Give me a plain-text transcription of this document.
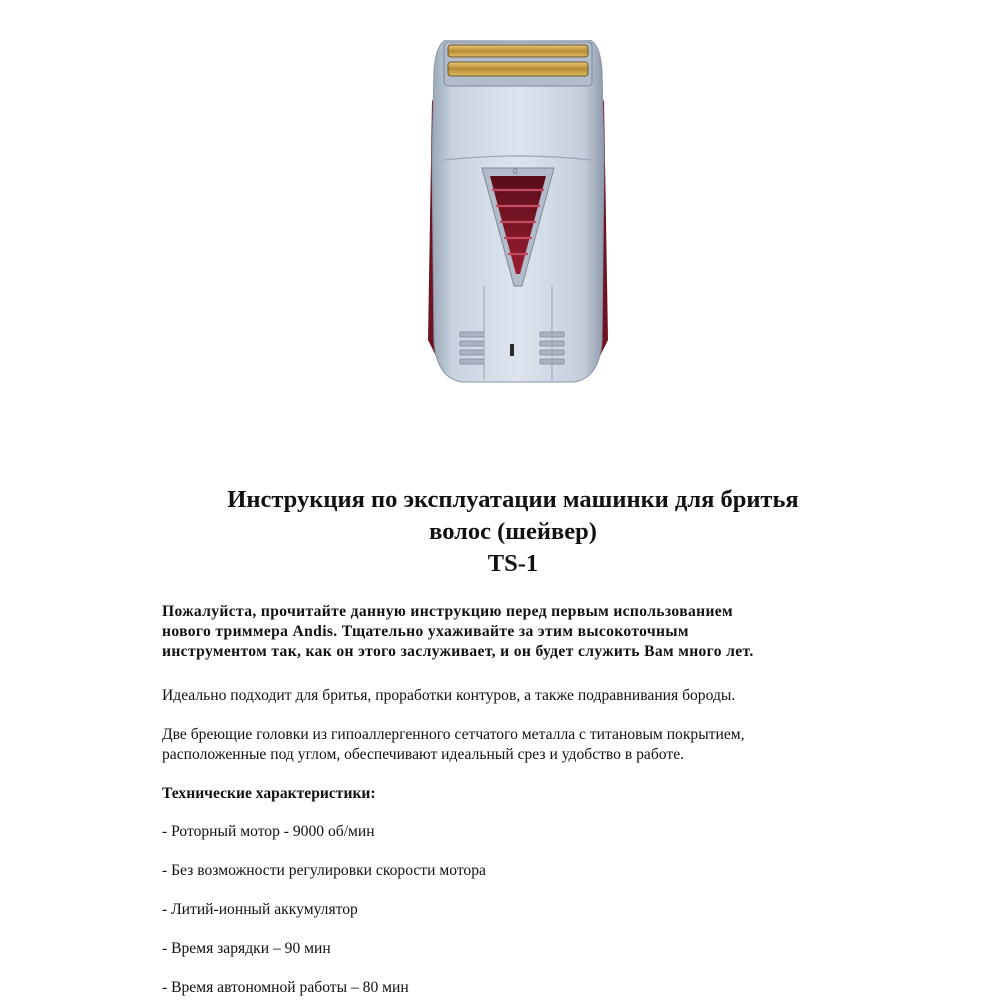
0
Инструкция по эксплуатации машинки для бритья
волос (шейвер)
TS-1

Пожалуйста, прочитайте данную инструкцию перед первым использованием
нового триммера Andis. Тщательно ухаживайте за этим высокоточным
инструментом так, как он этого заслуживает, и он будет служить Вам много лет.

Идеально подходит для бритья, проработки контуров, а также подравнивания бороды.

Две бреющие головки из гипоаллергенного сетчатого металла с титановым покрытием,
расположенные под углом, обеспечивают идеальный срез и удобство в работе.

Технические характеристики:

- Роторный мотор - 9000 об/мин

- Без возможности регулировки скорости мотора

- Литий-ионный аккумулятор

- Время зарядки – 90 мин

- Время автономной работы – 80 мин
